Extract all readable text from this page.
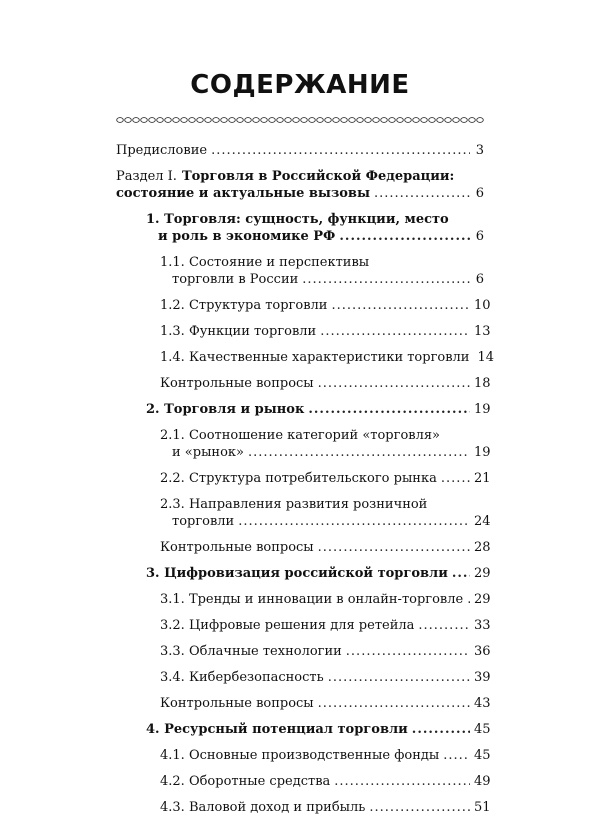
СОДЕРЖАНИЕ
Предисловие .....	3
Раздел I. Торговля в Российской Федерации:
состояние и актуальные вызовы .....	6
1. Торговля: сущность, функции, место
и роль в экономике РФ .....	6
1.1. Состояние и перспективы
торговли в России .....	6
1.2. Структура торговли .....	10
1.3. Функции торговли .....	13
1.4. Качественные характеристики торговли 14
Контрольные вопросы .....	18
2. Торговля и рынок .....	19
2.1. Соотношение категорий «торговля»
и «рынок» .....	19
2.2. Структура потребительского рынка .....	21
2.3. Направления развития розничной
торговли .....	24
Контрольные вопросы .....	28
3. Цифровизация российской торговли ..... 29
3.1. Тренды и инновации в онлайн-торговле ..... 29
3.2. Цифровые решения для ретейла .....	33
3.3. Облачные технологии .....	36
3.4. Кибербезопасность .....	39
Контрольные вопросы .....	43
4. Ресурсный потенциал торговли .....	45
4.1. Основные производственные фонды .....	45
4.2. Оборотные средства .....	49
4.3. Валовой доход и прибыль .....	51
